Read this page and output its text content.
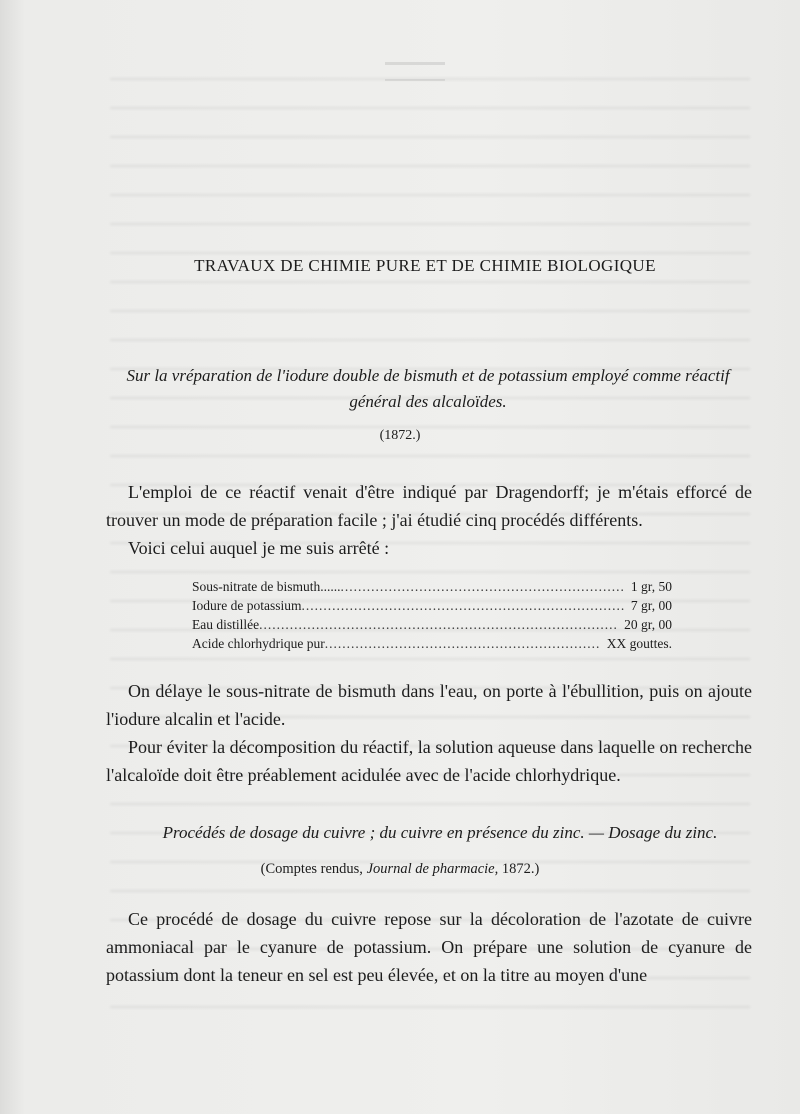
TRAVAUX DE CHIMIE PURE ET DE CHIMIE BIOLOGIQUE
Sur la vréparation de l'iodure double de bismuth et de potassium employé comme réactif général des alcaloïdes.
(1872.)
L'emploi de ce réactif venait d'être indiqué par Dragendorff; je m'étais efforcé de trouver un mode de préparation facile ; j'ai étudié cinq procédés différents.
Voici celui auquel je me suis arrêté :
Sous-nitrate de bismuth...... .....	1 gr, 50
Iodure de potassium .....	7 gr, 00
Eau distillée .....	20 gr, 00
Acide chlorhydrique pur .....	XX gouttes.
On délaye le sous-nitrate de bismuth dans l'eau, on porte à l'ébullition, puis on ajoute l'iodure alcalin et l'acide.
Pour éviter la décomposition du réactif, la solution aqueuse dans laquelle on recherche l'alcaloïde doit être préablement acidulée avec de l'acide chlorhydrique.
Procédés de dosage du cuivre ; du cuivre en présence du zinc. — Dosage du zinc.
(Comptes rendus, Journal de pharmacie, 1872.)
Ce procédé de dosage du cuivre repose sur la décoloration de l'azotate de cuivre ammoniacal par le cyanure de potassium. On prépare une solution de cyanure de potassium dont la teneur en sel est peu élevée, et on la titre au moyen d'une
